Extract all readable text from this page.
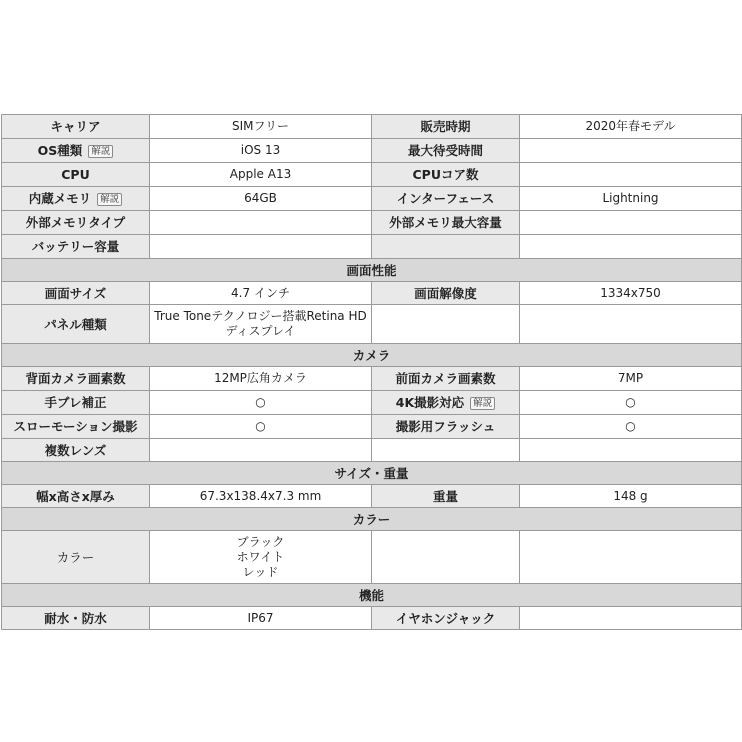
キャリア	SIMフリー	販売時期	2020年春モデル
OS種類 解説	iOS 13	最大待受時間	
CPU	Apple A13	CPUコア数	
内蔵メモリ 解説	64GB	インターフェース	Lightning
外部メモリタイプ		外部メモリ最大容量	
バッテリー容量			
画面性能			
画面サイズ	4.7 インチ	画面解像度	1334x750
パネル種類	True Toneテクノロジー搭載Retina HD
ディスプレイ		
カメラ			
背面カメラ画素数	12MP広角カメラ	前面カメラ画素数	7MP
手ブレ補正	○	4K撮影対応 解説	○
スローモーション撮影	○	撮影用フラッシュ	○
複数レンズ			
サイズ・重量			
幅x高さx厚み	67.3x138.4x7.3 mm	重量	148 g
カラー			
カラー	ブラック
ホワイト
レッド		
機能			
耐水・防水	IP67	イヤホンジャック	
